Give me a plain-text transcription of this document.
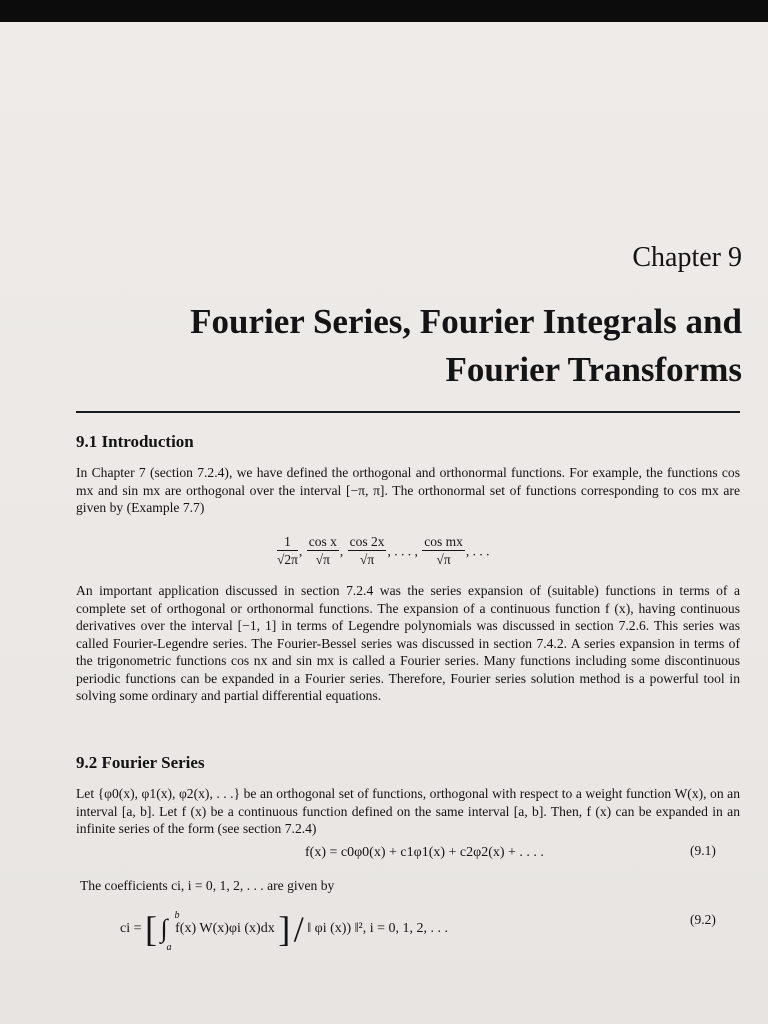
Chapter 9
Fourier Series, Fourier Integrals and
Fourier Transforms
9.1 Introduction
In Chapter 7 (section 7.2.4), we have defined the orthogonal and orthonormal functions. For example, the functions cos mx and sin mx are orthogonal over the interval [−π, π]. The orthonormal set of functions corresponding to cos mx are given by (Example 7.7)
$\frac{1}{√2\pi}$ , $\frac{\text{cos x}}{√\pi}$ , $\frac{\cos 2x}{√\pi}$ , . . . , $\frac{\text{cos mx}}{√\pi}$ , . . .
An important application discussed in section 7.2.4 was the series expansion of (suitable) functions in terms of a complete set of orthogonal or orthonormal functions. The expansion of a continuous function f (x), having continuous derivatives over the interval [−1, 1] in terms of Legendre polynomials was discussed in section 7.2.6. This series was called Fourier-Legendre series. The Fourier-Bessel series was discussed in section 7.4.2. A series expansion in terms of the trigonometric functions cos nx and sin mx is called a Fourier series. Many functions including some discontinuous periodic functions can be expanded in a Fourier series. Therefore, Fourier series solution method is a powerful tool in solving some ordinary and partial differential equations.
9.2 Fourier Series
Let {φ0(x), φ1(x), φ2(x), . . .} be an orthogonal set of functions, orthogonal with respect to a weight function W(x), on an interval [a, b]. Let f (x) be a continuous function defined on the same interval [a, b]. Then, f (x) can be expanded in an infinite series of the form (see section 7.2.4)
f(x) = c0φ0(x) + c1φ1(x) + c2φ2(x) + . . . .	(9.1)
The coefficients ci, i = 0, 1, 2, . . . are given by
ci = [ ∫ b
a
f(x) W(x)φi (x)dx ] / ‖ φi (x)) ‖², i = 0, 1, 2, . . .
(9.2)
